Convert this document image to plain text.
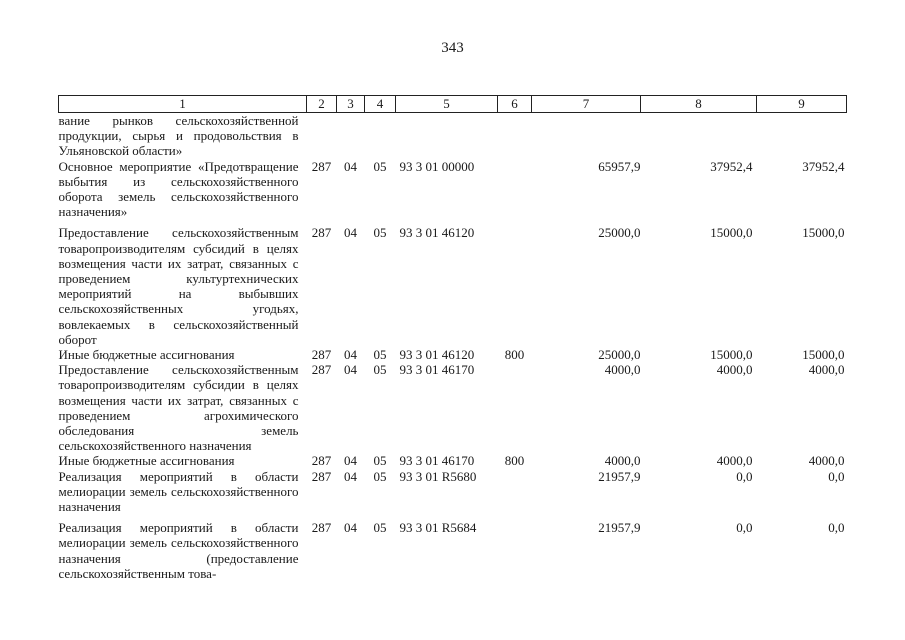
343
1	2	3	4	5	6	7	8	9
вание рынков сельскохозяйственной продукции, сырья и продовольствия в Ульяновской области»								
Основное мероприятие «Предотвращение выбытия из сельскохозяйственного оборота земель сельскохозяйственного назначения»	287	04	05	93 3 01 00000		65957,9	37952,4	37952,4

Предоставление сельскохозяйственным товаропроизводителям субсидий в целях возмещения части их затрат, связанных с проведением культуртехнических мероприятий на выбывших сельскохозяйственных угодьях, вовлекаемых в сельскохозяйственный оборот	287	04	05	93 3 01 46120		25000,0	15000,0	15000,0
Иные бюджетные ассигнования	287	04	05	93 3 01 46120	800	25000,0	15000,0	15000,0
Предоставление сельскохозяйственным товаропроизводителям субсидии в целях возмещения части их затрат, связанных с проведением агрохимического обследования земель сельскохозяйственного назначения	287	04	05	93 3 01 46170		4000,0	4000,0	4000,0
Иные бюджетные ассигнования	287	04	05	93 3 01 46170	800	4000,0	4000,0	4000,0
Реализация мероприятий в области мелиорации земель сельскохозяйственного назначения	287	04	05	93 3 01 R5680		21957,9	0,0	0,0

Реализация мероприятий в области мелиорации земель сельскохозяйственного назначения (предоставление сельскохозяйственным това-	287	04	05	93 3 01 R5684		21957,9	0,0	0,0
